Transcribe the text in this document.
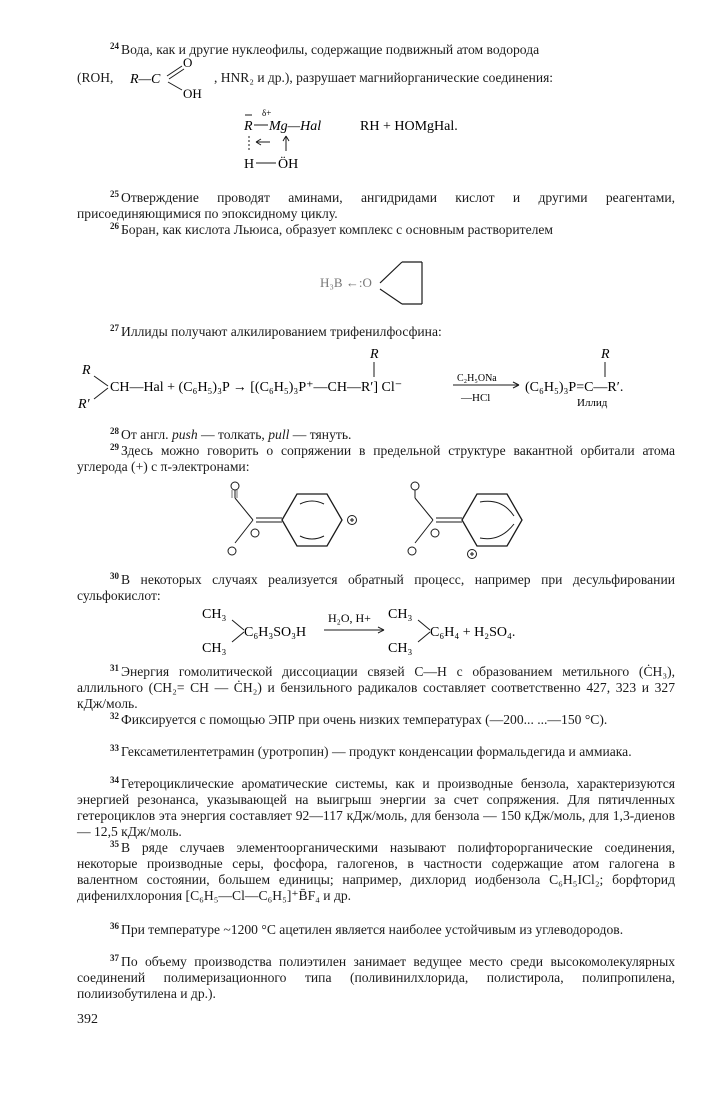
$^{24}$ Вода, как и другие нуклеофилы, содержащие подвижный атом водорода
(ROH, R—C
O
OH
, HNR₂ и др.), разрушает магнийорганические соединения:
δ+
R Mg—Hal	RH + HOMgHal.
H ÖH
$^{25}$ Отверждение проводят аминами, ангидридами кислот и другими реагентами, присоединяющимися по эпоксидному циклу.
$^{26}$ Боран, как кислота Льюиса, образует комплекс с основным растворителем
H₃B ←:O
$^{27}$ Иллиды получают алкилированием трифенилфосфина:
R
R′
CH—Hal + (C₆H₅)₃P → [(C₆H₅)₃P⁺—CH—R′] Cl⁻
R
C₂H₅ONa
—HCl
(C₆H₅)₃P=C—R′.
R
Иллид
$^{28}$ От англ. push — толкать, pull — тянуть.
$^{29}$ Здесь можно говорить о сопряжении в предельной структуре вакантной орбитали атома углерода (+) с π-электронами:
$^{30}$ В некоторых случаях реализуется обратный процесс, например при десульфировании сульфокислот:
CH₃
CH₃
C₆H₃SO₃H
H₂O, H+ CH₃
CH₃
C₆H₄ + H₂SO₄.
$^{31}$ Энергия гомолитической диссоциации связей C—H с образованием метильного (ĊH₃), аллильного (CH₂= CH — ĊH₂) и бензильного радикалов составляет соответственно 427, 323 и 327 кДж/моль.
$^{32}$ Фиксируется с помощью ЭПР при очень низких температурах (—200... ...—150 °C).
$^{33}$ Гексаметилентетрамин (уротропин) — продукт конденсации формальдегида и аммиака.
$^{34}$ Гетероциклические ароматические системы, как и производные бензола, характеризуются энергией резонанса, указывающей на выигрыш энергии за счет сопряжения. Для пятичленных гетероциклов эта энергия составляет 92—117 кДж/моль, для бензола — 150 кДж/моль, для 1,3-диенов — 12,5 кДж/моль.
$^{35}$ В ряде случаев элементоорганическими называют полифторорганические соединения, некоторые производные серы, фосфора, галогенов, в частности содержащие атом галогена в валентном состоянии, большем единицы; например, дихлорид иодбензола C₆H₅ICl₂; борфторид дифенилхлорония [C₆H₅—Cl—C₆H₅]⁺B̄F₄ и др.
$^{36}$ При температуре ~1200 °C ацетилен является наиболее устойчивым из углеводородов.
$^{37}$ По объему производства полиэтилен занимает ведущее место среди высокомолекулярных соединений полимеризационного типа (поливинилхлорида, полистирола, полипропилена, полиизобутилена и др.).
392
